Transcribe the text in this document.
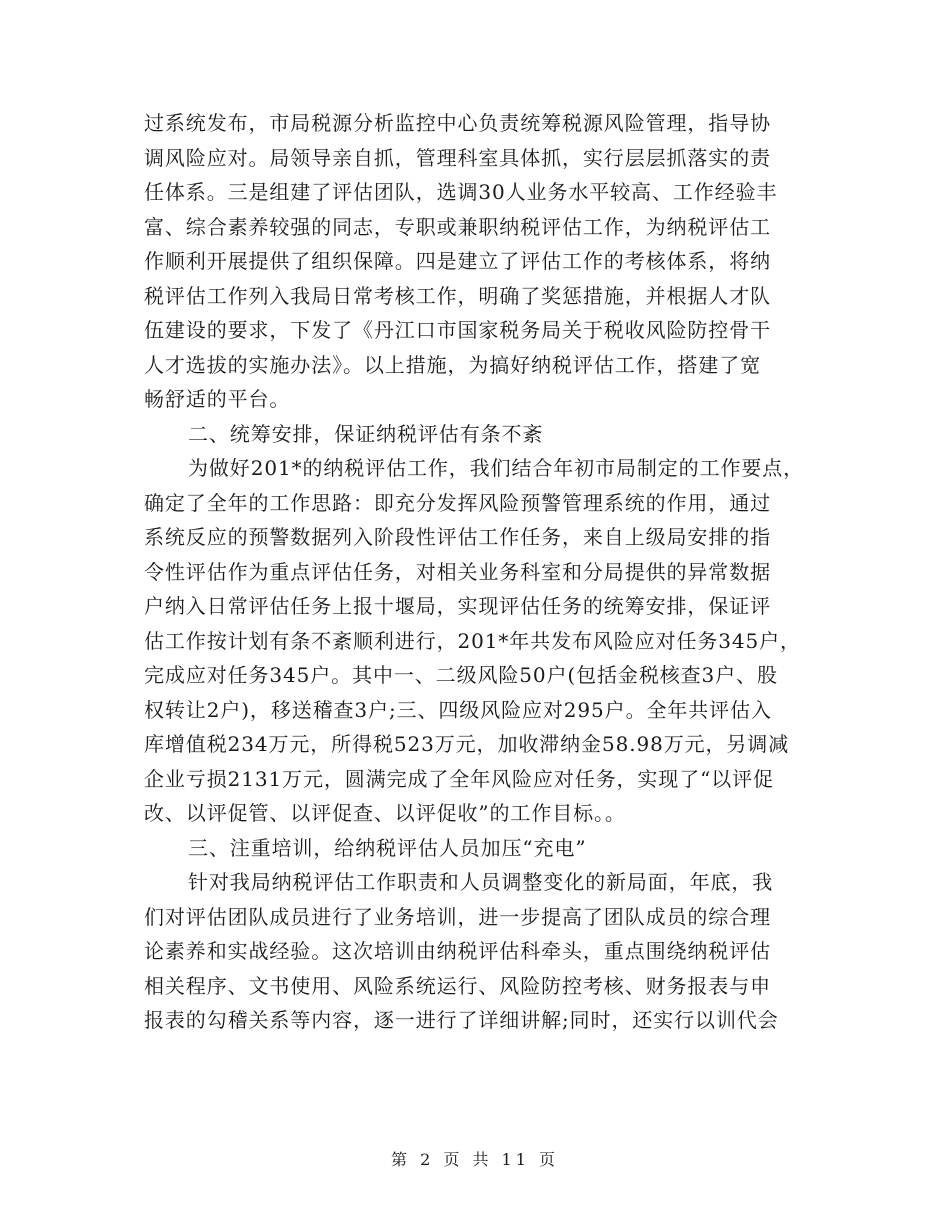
过系统发布，市局税源分析监控中心负责统筹税源风险管理，指导协
调风险应对。局领导亲自抓，管理科室具体抓，实行层层抓落实的责
任体系。三是组建了评估团队，选调30人业务水平较高、工作经验丰
富、综合素养较强的同志，专职或兼职纳税评估工作，为纳税评估工
作顺利开展提供了组织保障。四是建立了评估工作的考核体系，将纳
税评估工作列入我局日常考核工作，明确了奖惩措施，并根据人才队
伍建设的要求，下发了《丹江口市国家税务局关于税收风险防控骨干
人才选拔的实施办法》。以上措施，为搞好纳税评估工作，搭建了宽
畅舒适的平台。
二、统筹安排，保证纳税评估有条不紊
为做好201*的纳税评估工作，我们结合年初市局制定的工作要点，
确定了全年的工作思路：即充分发挥风险预警管理系统的作用，通过
系统反应的预警数据列入阶段性评估工作任务，来自上级局安排的指
令性评估作为重点评估任务，对相关业务科室和分局提供的异常数据
户纳入日常评估任务上报十堰局，实现评估任务的统筹安排，保证评
估工作按计划有条不紊顺利进行，201*年共发布风险应对任务345户，
完成应对任务345户。其中一、二级风险50户(包括金税核查3户、股
权转让2户)，移送稽查3户;三、四级风险应对295户。全年共评估入
库增值税234万元，所得税523万元，加收滞纳金58.98万元，另调减
企业亏损2131万元，圆满完成了全年风险应对任务，实现了“以评促
改、以评促管、以评促查、以评促收”的工作目标。。
三、注重培训，给纳税评估人员加压“充电”
针对我局纳税评估工作职责和人员调整变化的新局面，年底，我
们对评估团队成员进行了业务培训，进一步提高了团队成员的综合理
论素养和实战经验。这次培训由纳税评估科牵头，重点围绕纳税评估
相关程序、文书使用、风险系统运行、风险防控考核、财务报表与申
报表的勾稽关系等内容，逐一进行了详细讲解;同时，还实行以训代会
第 2 页 共 11 页
